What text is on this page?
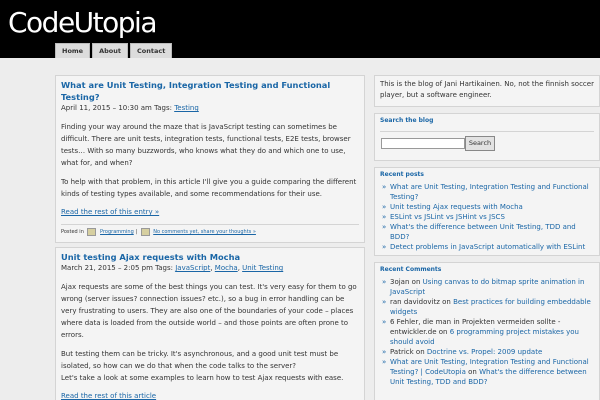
CodeUtopia
Home	About	Contact
What are Unit Testing, Integration Testing and Functional Testing?
April 11, 2015 – 10:30 am Tags: Testing

Finding your way around the maze that is JavaScript testing can sometimes be difficult. There are unit tests, integration tests, functional tests, E2E tests, browser tests… With so many buzzwords, who knows what they do and which one to use, what for, and when?

To help with that problem, in this article I'll give you a guide comparing the different kinds of testing types available, and some recommendations for their use.

Read the rest of this entry »
Posted in	Programming |	No comments yet, share your thoughts »
Unit testing Ajax requests with Mocha
March 21, 2015 – 2:05 pm Tags: JavaScript, Mocha, Unit Testing

Ajax requests are some of the best things you can test. It's very easy for them to go wrong (server issues? connection issues? etc.), so a bug in error handling can be very frustrating to users. They are also one of the boundaries of your code – places where data is loaded from the outside world – and those points are often prone to errors.

But testing them can be tricky. It's asynchronous, and a good unit test must be isolated, so how can we do that when the code talks to the server?
Let's take a look at some examples to learn how to test Ajax requests with ease.

Read the rest of this article
This is the blog of Jani Hartikainen. No, not the finnish soccer player, but a software engineer.
Search the blog
Search
Recent posts
» What are Unit Testing, Integration Testing and Functional Testing?
» Unit testing Ajax requests with Mocha
» ESLint vs JSLint vs JSHint vs JSCS
» What's the difference between Unit Testing, TDD and BDD?
» Detect problems in JavaScript automatically with ESLint
Recent Comments
» 3ojan on Using canvas to do bitmap sprite animation in JavaScript
» ran davidovitz on Best practices for building embeddable widgets
» 6 Fehler, die man in Projekten vermeiden sollte - entwickler.de on 6 programming project mistakes you should avoid
» Patrick on Doctrine vs. Propel: 2009 update
» What are Unit Testing, Integration Testing and Functional Testing? | CodeUtopia on What's the difference between Unit Testing, TDD and BDD?
